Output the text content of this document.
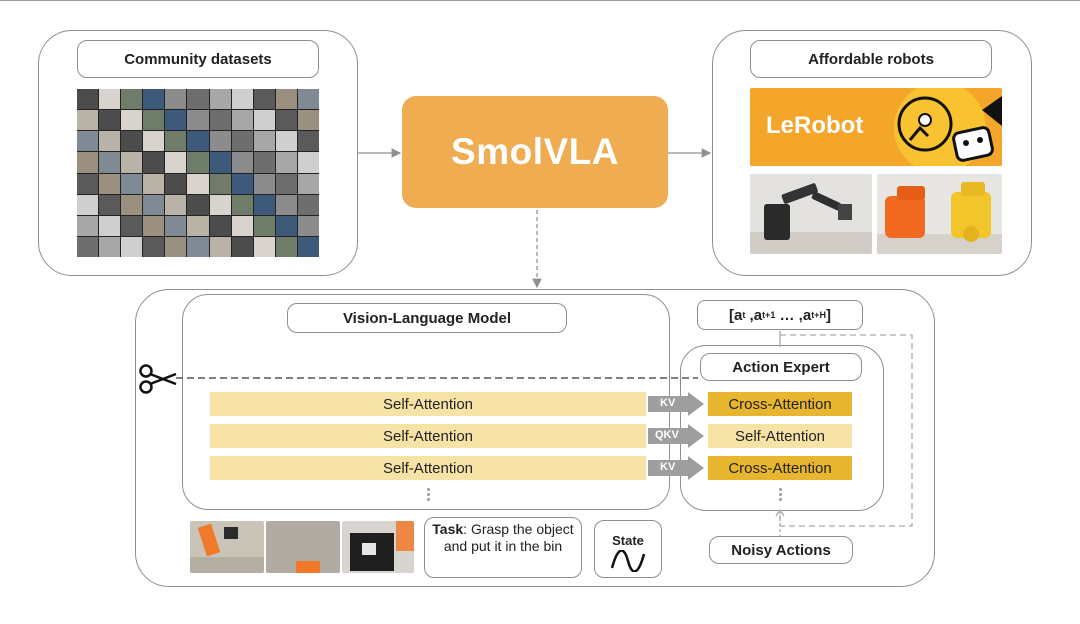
Community datasets
SmolVLA
Affordable robots
LeRobot
Vision-Language Model
Action Expert
Self-Attention
Self-Attention
Self-Attention
KV
QKV
KV
Cross-Attention
Self-Attention
Cross-Attention
[ a t , a t+1
… , a t+H ]
Task: Grasp the object and put it in the bin	State
Noisy Actions
